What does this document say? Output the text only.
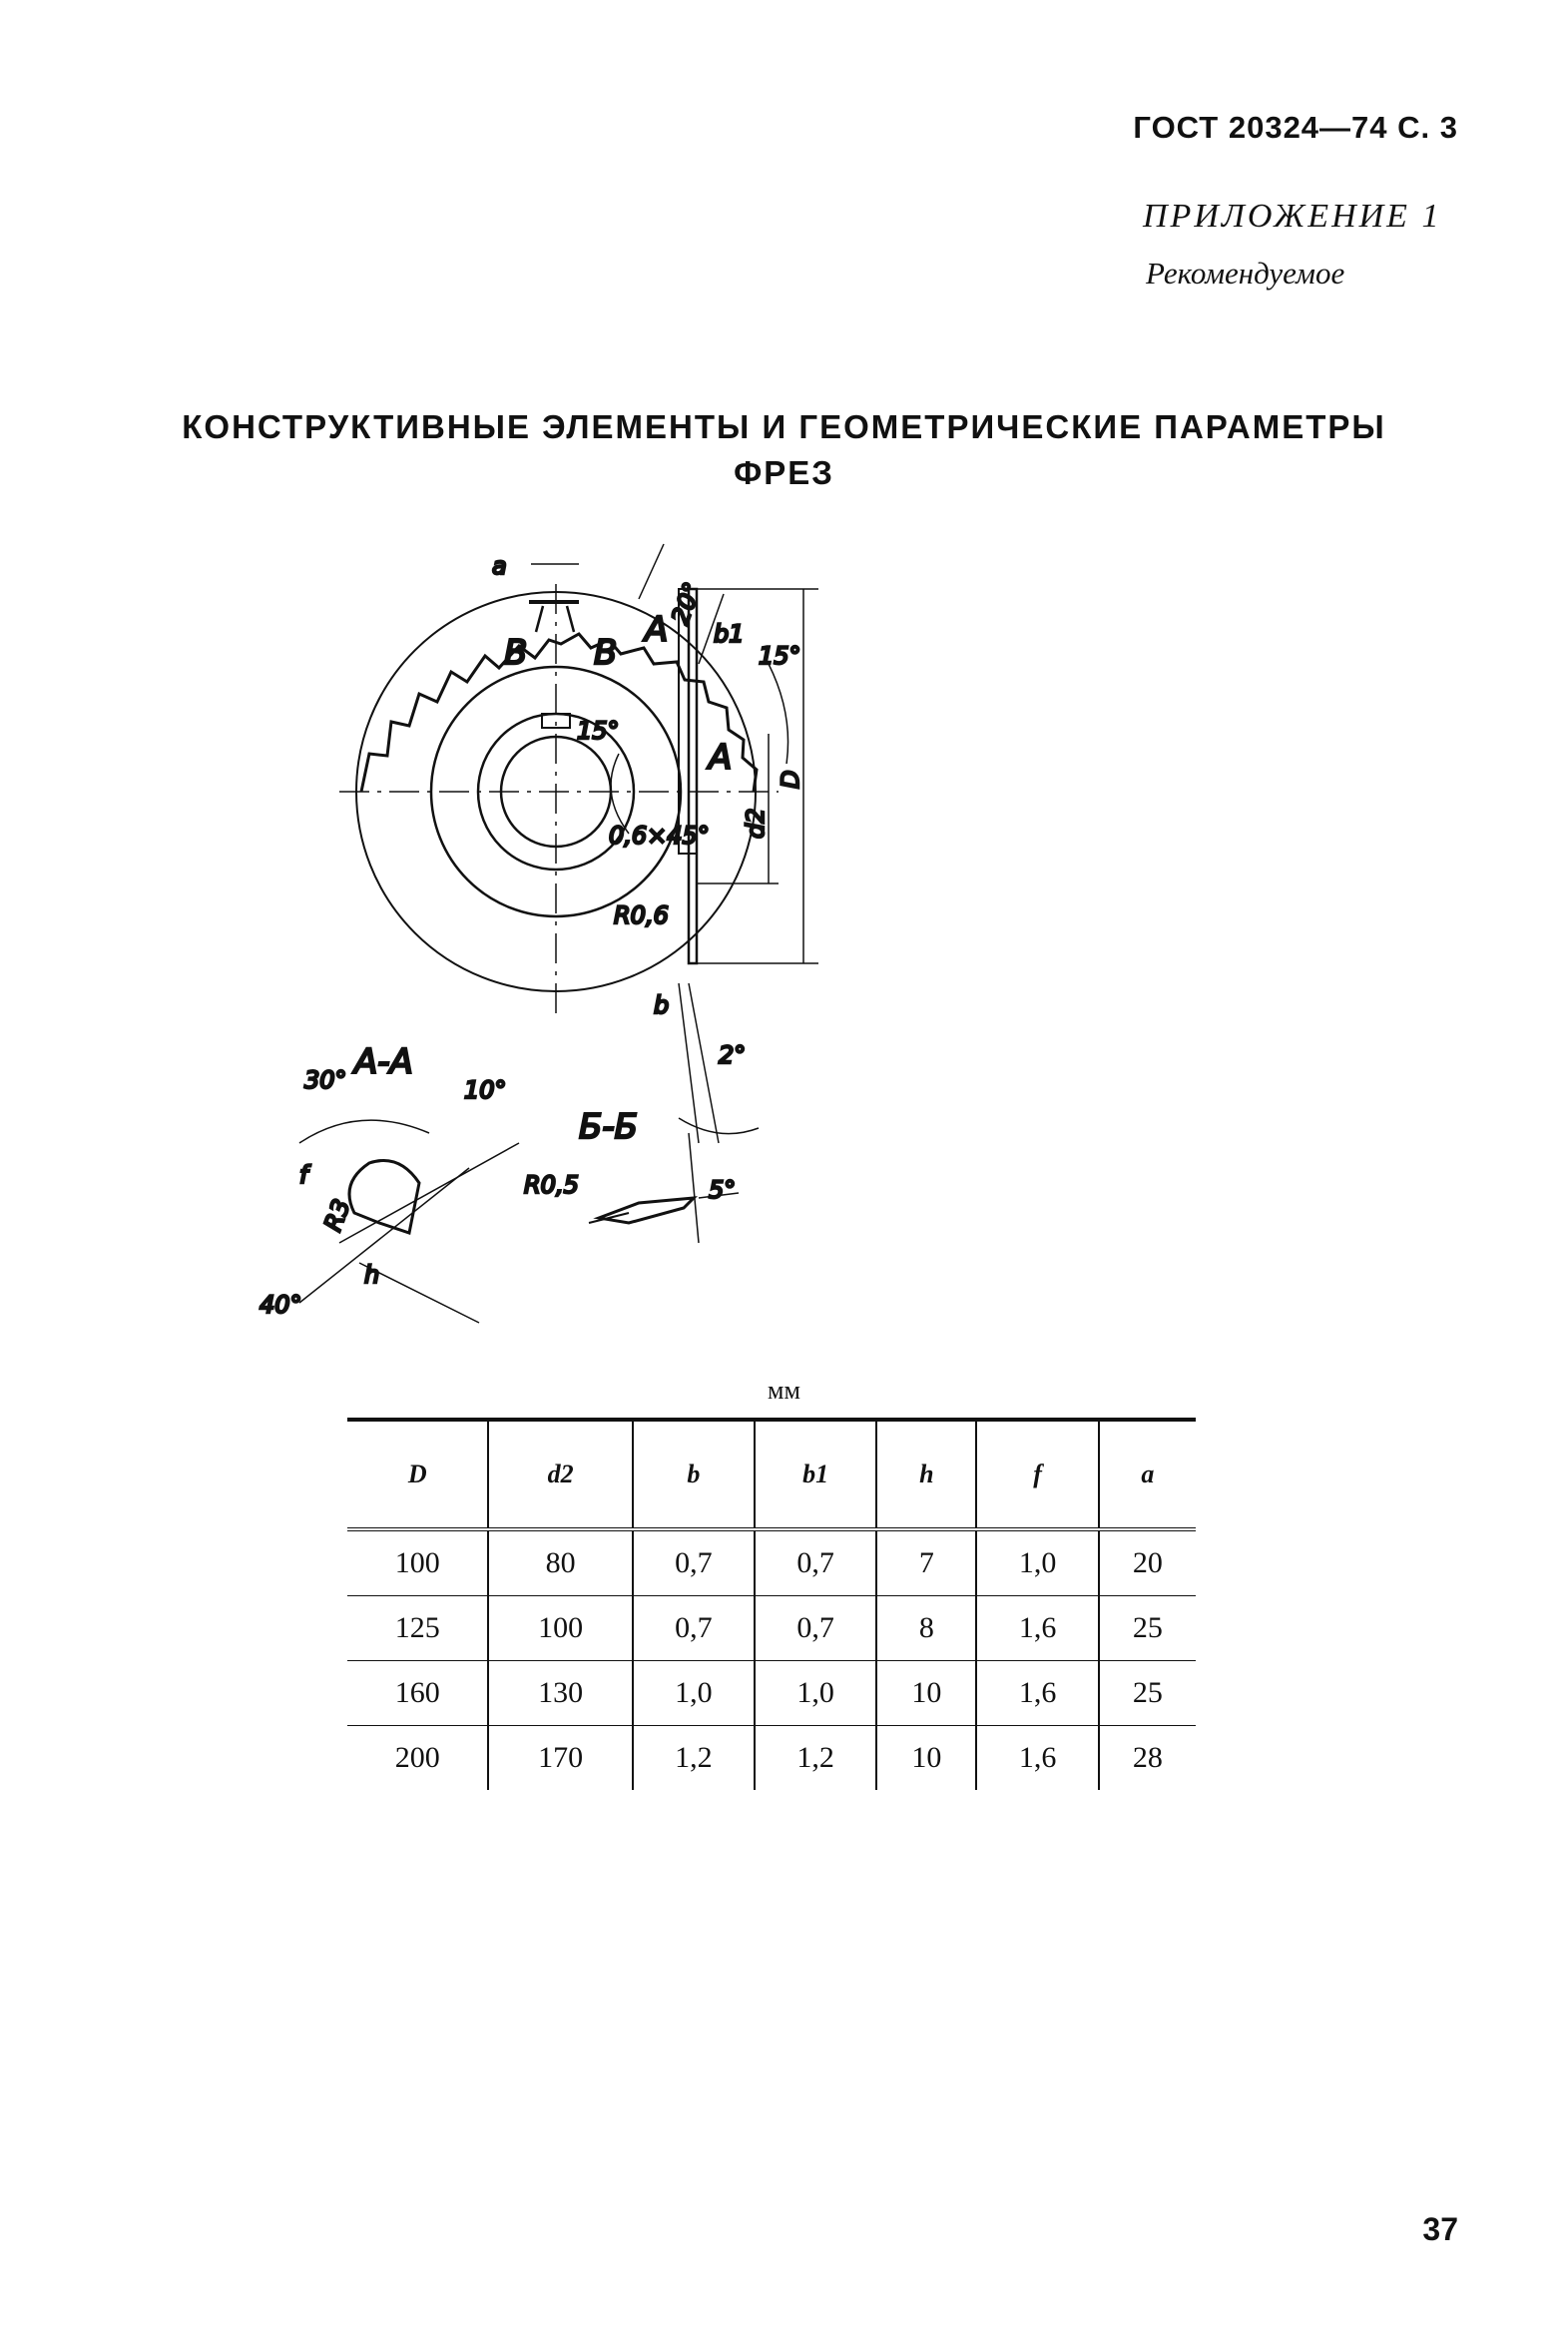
ГОСТ 20324—74 С. 3
ПРИЛОЖЕНИЕ 1
Рекомендуемое
КОНСТРУКТИВНЫЕ ЭЛЕМЕНТЫ И ГЕОМЕТРИЧЕСКИЕ ПАРАМЕТРЫ
ФРЕЗ
a
20°
B B
A b1
15°
15°
A
D
d2
0,6×45°
R0,6
b
2°
А-А
30°	10°
f
R3
h
40°
Б-Б
R0,5	5°
мм
D	d2	b	b1	h	f	a
100	80	0,7	0,7	7	1,0	20
125	100	0,7	0,7	8	1,6	25
160	130	1,0	1,0	10	1,6	25
200	170	1,2	1,2	10	1,6	28
37
